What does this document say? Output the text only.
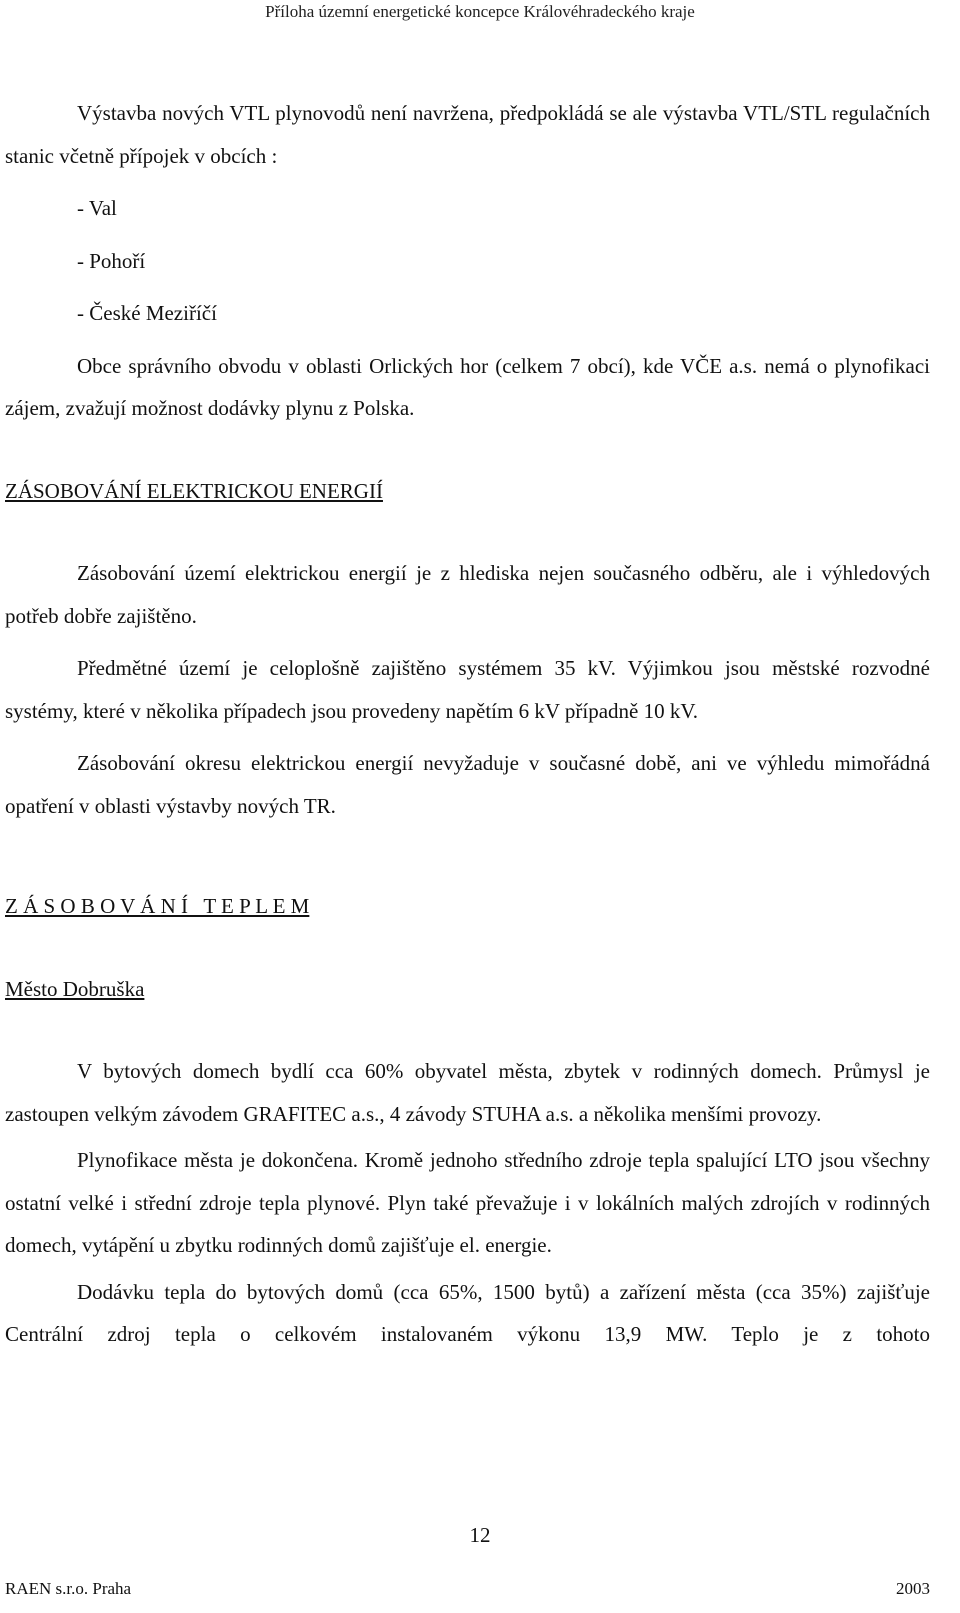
Příloha územní energetické koncepce Královéhradeckého kraje

Výstavba nových VTL plynovodů není navržena, předpokládá se ale výstavba VTL/STL regulačních stanic včetně přípojek v obcích :

- Val
- Pohoří
- České Meziříčí

Obce správního obvodu v oblasti Orlických hor (celkem 7 obcí), kde VČE a.s. nemá o plynofikaci zájem, zvažují možnost dodávky plynu z Polska.

ZÁSOBOVÁNÍ ELEKTRICKOU ENERGIÍ

Zásobování území elektrickou energií je z hlediska nejen současného odběru, ale i výhledových potřeb dobře zajištěno.

Předmětné území je celoplošně zajištěno systémem 35 kV. Výjimkou jsou městské rozvodné systémy, které v několika případech jsou provedeny napětím 6 kV případně 10 kV.

Zásobování okresu elektrickou energií nevyžaduje v současné době, ani ve výhledu mimořádná opatření v oblasti výstavby nových TR.

Z Á S O B O V Á N Í   T E P L E M

Město Dobruška

V bytových domech bydlí cca 60% obyvatel města, zbytek v rodinných domech. Průmysl je zastoupen velkým závodem GRAFITEC a.s., 4 závody STUHA a.s. a několika menšími provozy.

Plynofikace města je dokončena. Kromě jednoho středního zdroje tepla spalující LTO jsou všechny ostatní velké i střední zdroje tepla plynové. Plyn také převažuje i v lokálních malých zdrojích v rodinných domech, vytápění u zbytku rodinných domů zajišťuje el. energie.

Dodávku tepla do bytových domů (cca 65%, 1500 bytů) a zařízení města (cca 35%) zajišťuje Centrální zdroj tepla o celkovém instalovaném výkonu 13,9 MW. Teplo je z tohoto

12
RAEN s.r.o. Praha	2003
